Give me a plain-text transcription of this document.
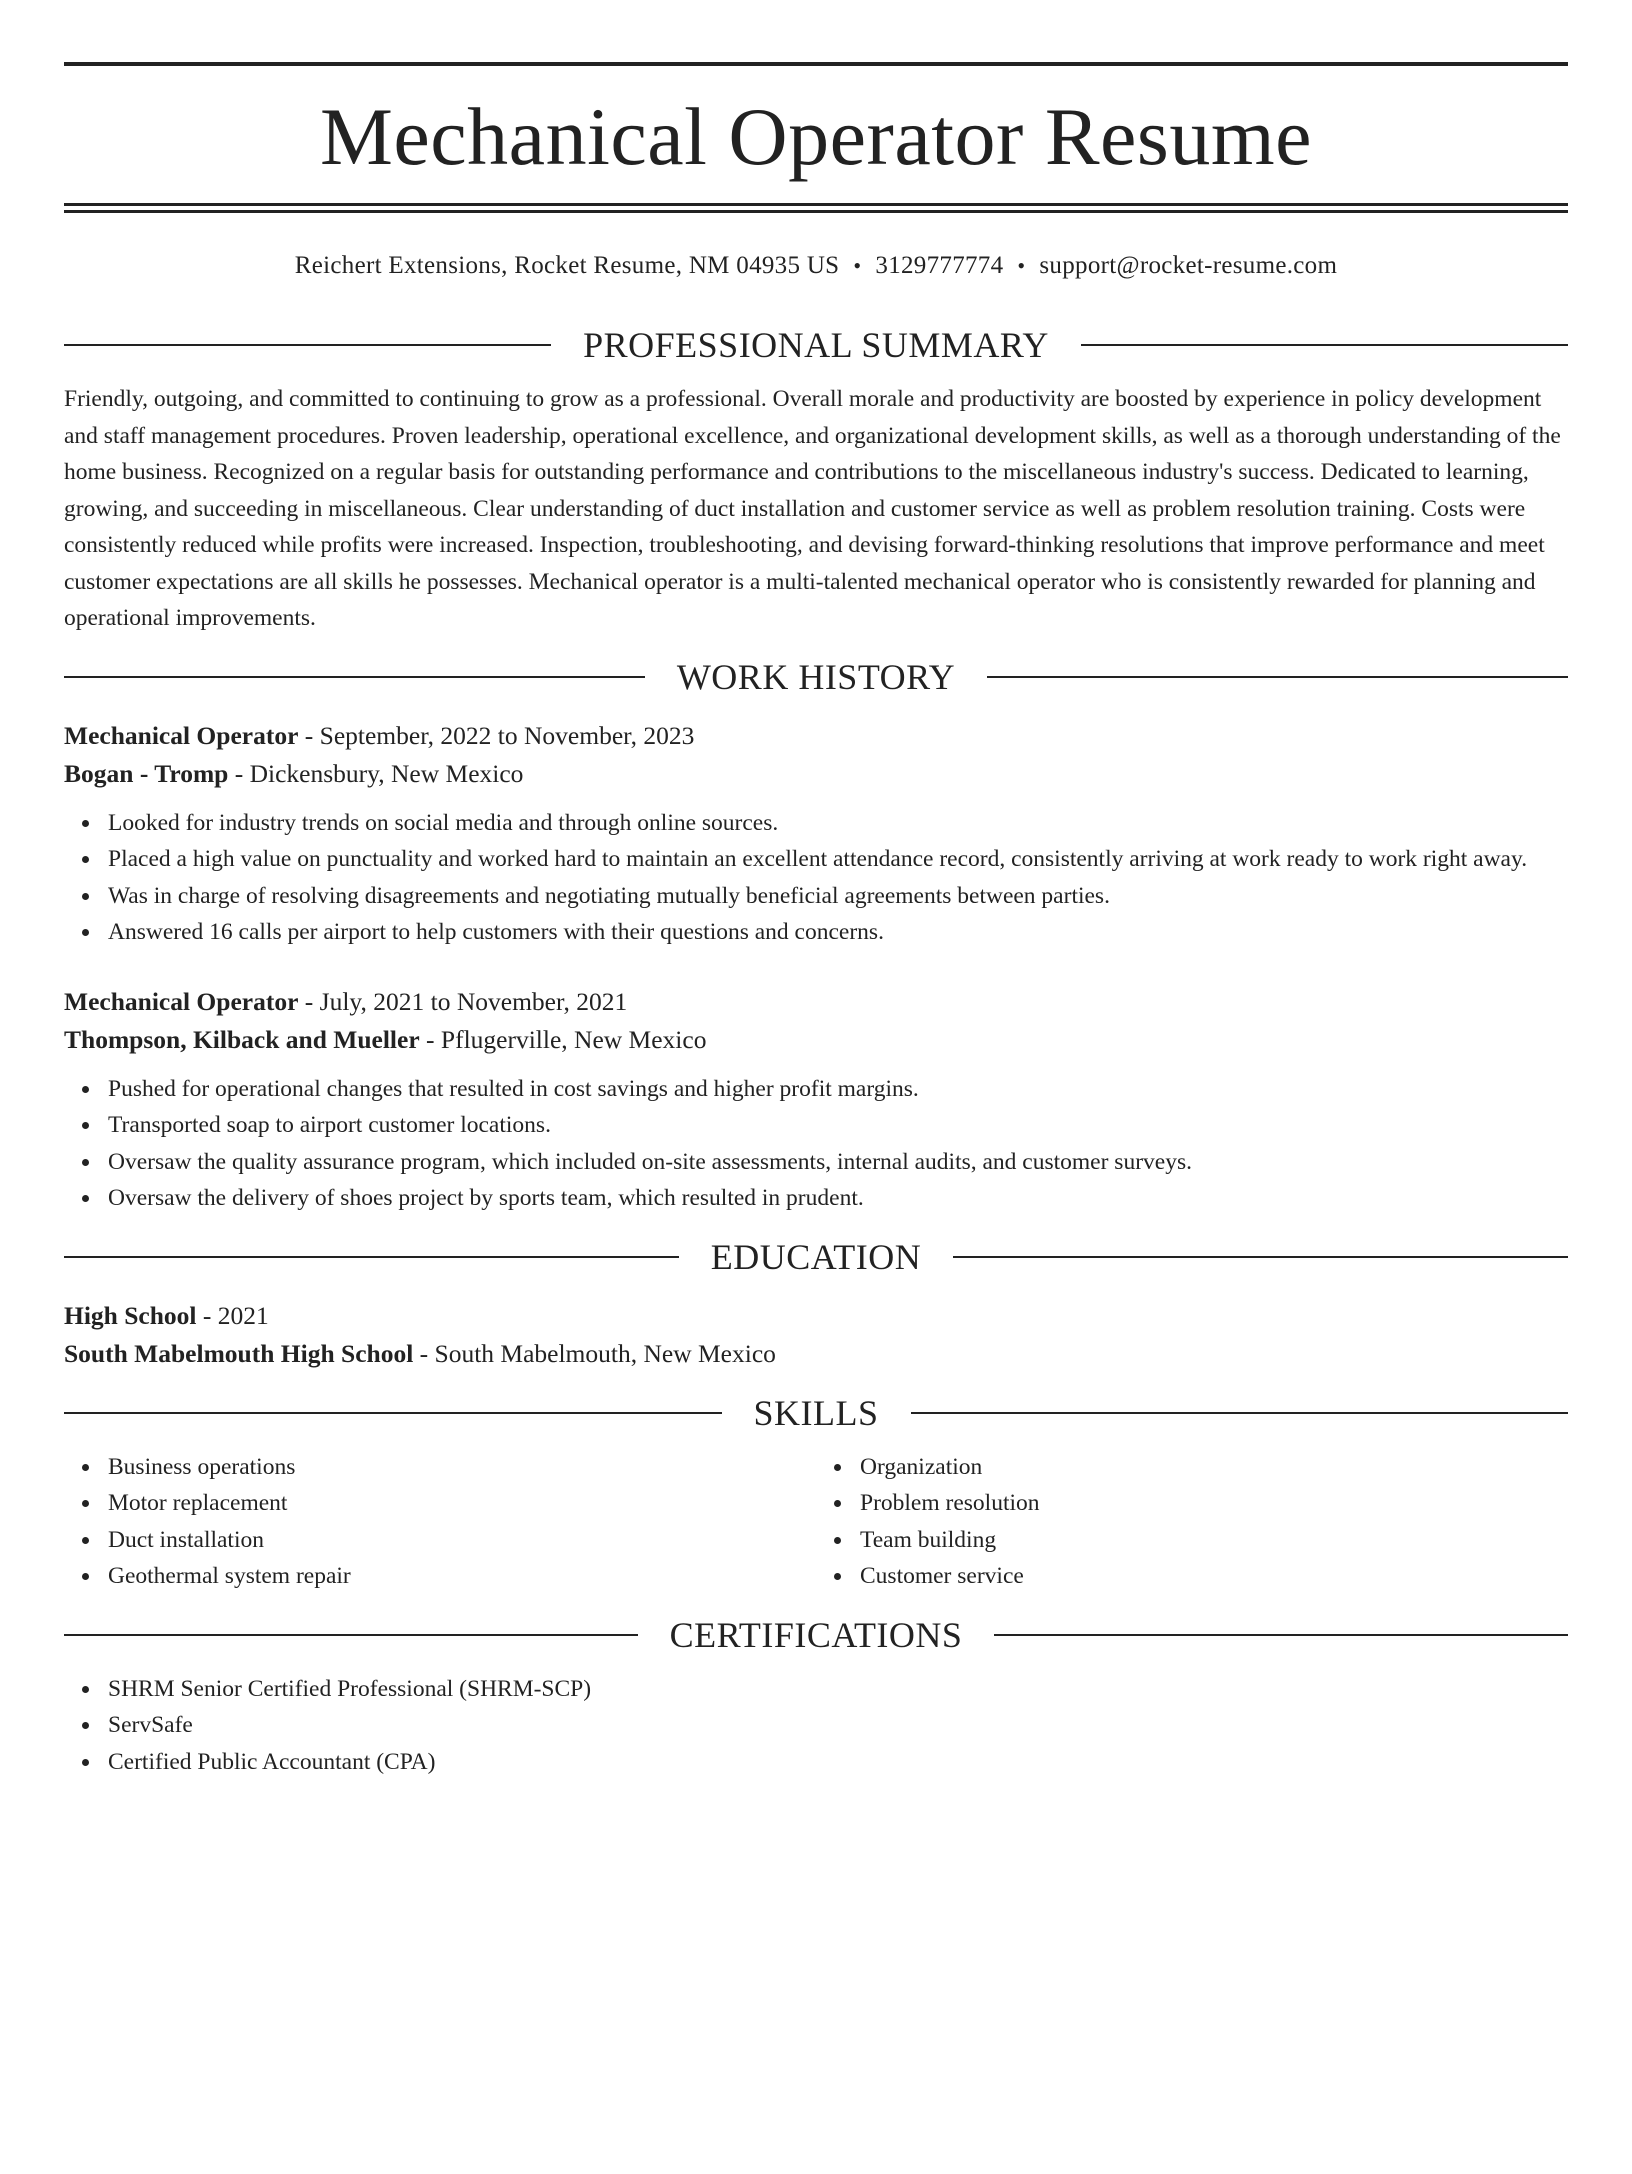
Mechanical Operator Resume
Reichert Extensions, Rocket Resume, NM 04935 US • 3129777774 • support@rocket-resume.com
PROFESSIONAL SUMMARY

Friendly, outgoing, and committed to continuing to grow as a professional. Overall morale and productivity are boosted by experience in policy development and staff management procedures. Proven leadership, operational excellence, and organizational development skills, as well as a thorough understanding of the home business. Recognized on a regular basis for outstanding performance and contributions to the miscellaneous industry's success. Dedicated to learning, growing, and succeeding in miscellaneous. Clear understanding of duct installation and customer service as well as problem resolution training. Costs were consistently reduced while profits were increased. Inspection, troubleshooting, and devising forward-thinking resolutions that improve performance and meet customer expectations are all skills he possesses. Mechanical operator is a multi-talented mechanical operator who is consistently rewarded for planning and operational improvements.

WORK HISTORY

Mechanical Operator - September, 2022 to November, 2023

Bogan - Tromp - Dickensbury, New Mexico

Looked for industry trends on social media and through online sources.
Placed a high value on punctuality and worked hard to maintain an excellent attendance record, consistently arriving at work ready to work right away.
Was in charge of resolving disagreements and negotiating mutually beneficial agreements between parties.
Answered 16 calls per airport to help customers with their questions and concerns.

Mechanical Operator - July, 2021 to November, 2021

Thompson, Kilback and Mueller - Pflugerville, New Mexico

Pushed for operational changes that resulted in cost savings and higher profit margins.
Transported soap to airport customer locations.
Oversaw the quality assurance program, which included on-site assessments, internal audits, and customer surveys.
Oversaw the delivery of shoes project by sports team, which resulted in prudent.
EDUCATION

High School - 2021

South Mabelmouth High School - South Mabelmouth, New Mexico

SKILLS
Business operations
Motor replacement
Duct installation
Geothermal system repair
Organization
Problem resolution
Team building
Customer service
CERTIFICATIONS
SHRM Senior Certified Professional (SHRM-SCP)
ServSafe
Certified Public Accountant (CPA)
